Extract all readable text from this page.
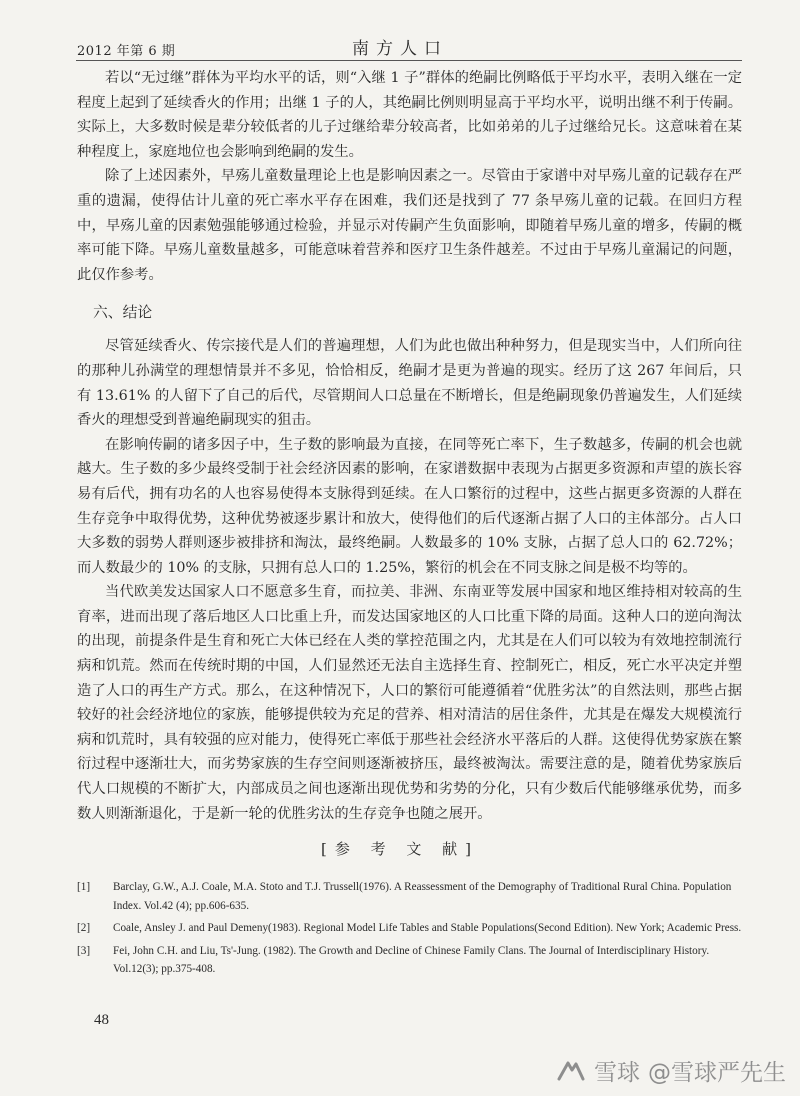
2012 年第 6 期	南方人口

若以“无过继”群体为平均水平的话，则“入继 1 子”群体的绝嗣比例略低于平均水平，表明入继在一定程度上起到了延续香火的作用；出继 1 子的人，其绝嗣比例则明显高于平均水平，说明出继不利于传嗣。实际上，大多数时候是辈分较低者的儿子过继给辈分较高者，比如弟弟的儿子过继给兄长。这意味着在某种程度上，家庭地位也会影响到绝嗣的发生。

除了上述因素外，早殇儿童数量理论上也是影响因素之一。尽管由于家谱中对早殇儿童的记载存在严重的遗漏，使得估计儿童的死亡率水平存在困难，我们还是找到了 77 条早殇儿童的记载。在回归方程中，早殇儿童的因素勉强能够通过检验，并显示对传嗣产生负面影响，即随着早殇儿童的增多，传嗣的概率可能下降。早殇儿童数量越多，可能意味着营养和医疗卫生条件越差。不过由于早殇儿童漏记的问题，此仅作参考。

六、结论

尽管延续香火、传宗接代是人们的普遍理想，人们为此也做出种种努力，但是现实当中，人们所向往的那种儿孙满堂的理想情景并不多见，恰恰相反，绝嗣才是更为普遍的现实。经历了这 267 年间后，只有 13.61% 的人留下了自己的后代，尽管期间人口总量在不断增长，但是绝嗣现象仍普遍发生，人们延续香火的理想受到普遍绝嗣现实的狙击。

在影响传嗣的诸多因子中，生子数的影响最为直接，在同等死亡率下，生子数越多，传嗣的机会也就越大。生子数的多少最终受制于社会经济因素的影响，在家谱数据中表现为占据更多资源和声望的族长容易有后代，拥有功名的人也容易使得本支脉得到延续。在人口繁衍的过程中，这些占据更多资源的人群在生存竞争中取得优势，这种优势被逐步累计和放大，使得他们的后代逐渐占据了人口的主体部分。占人口大多数的弱势人群则逐步被排挤和淘汰，最终绝嗣。人数最多的 10% 支脉，占据了总人口的 62.72%；而人数最少的 10% 的支脉，只拥有总人口的 1.25%，繁衍的机会在不同支脉之间是极不均等的。

当代欧美发达国家人口不愿意多生育，而拉美、非洲、东南亚等发展中国家和地区维持相对较高的生育率，进而出现了落后地区人口比重上升，而发达国家地区的人口比重下降的局面。这种人口的逆向淘汰的出现，前提条件是生育和死亡大体已经在人类的掌控范围之内，尤其是在人们可以较为有效地控制流行病和饥荒。然而在传统时期的中国，人们显然还无法自主选择生育、控制死亡，相反，死亡水平决定并塑造了人口的再生产方式。那么，在这种情况下，人口的繁衍可能遵循着“优胜劣汰”的自然法则，那些占据较好的社会经济地位的家族，能够提供较为充足的营养、相对清洁的居住条件，尤其是在爆发大规模流行病和饥荒时，具有较强的应对能力，使得死亡率低于那些社会经济水平落后的人群。这使得优势家族在繁衍过程中逐渐壮大，而劣势家族的生存空间则逐渐被挤压，最终被淘汰。需要注意的是，随着优势家族后代人口规模的不断扩大，内部成员之间也逐渐出现优势和劣势的分化，只有少数后代能够继承优势，而多数人则渐渐退化，于是新一轮的优胜劣汰的生存竞争也随之展开。

[参 考 文 献]
[1]	Barclay, G.W., A.J. Coale, M.A. Stoto and T.J. Trussell(1976). A Reassessment of the Demography of Traditional Rural China. Population Index. Vol.42 (4); pp.606-635.
[2]	Coale, Ansley J. and Paul Demeny(1983). Regional Model Life Tables and Stable Populations(Second Edition). New York; Academic Press.
[3]	Fei, John C.H. and Liu, Ts'-Jung. (1982). The Growth and Decline of Chinese Family Clans. The Journal of Interdisciplinary History. Vol.12(3); pp.375-408.
48
雪球 @雪球严先生
